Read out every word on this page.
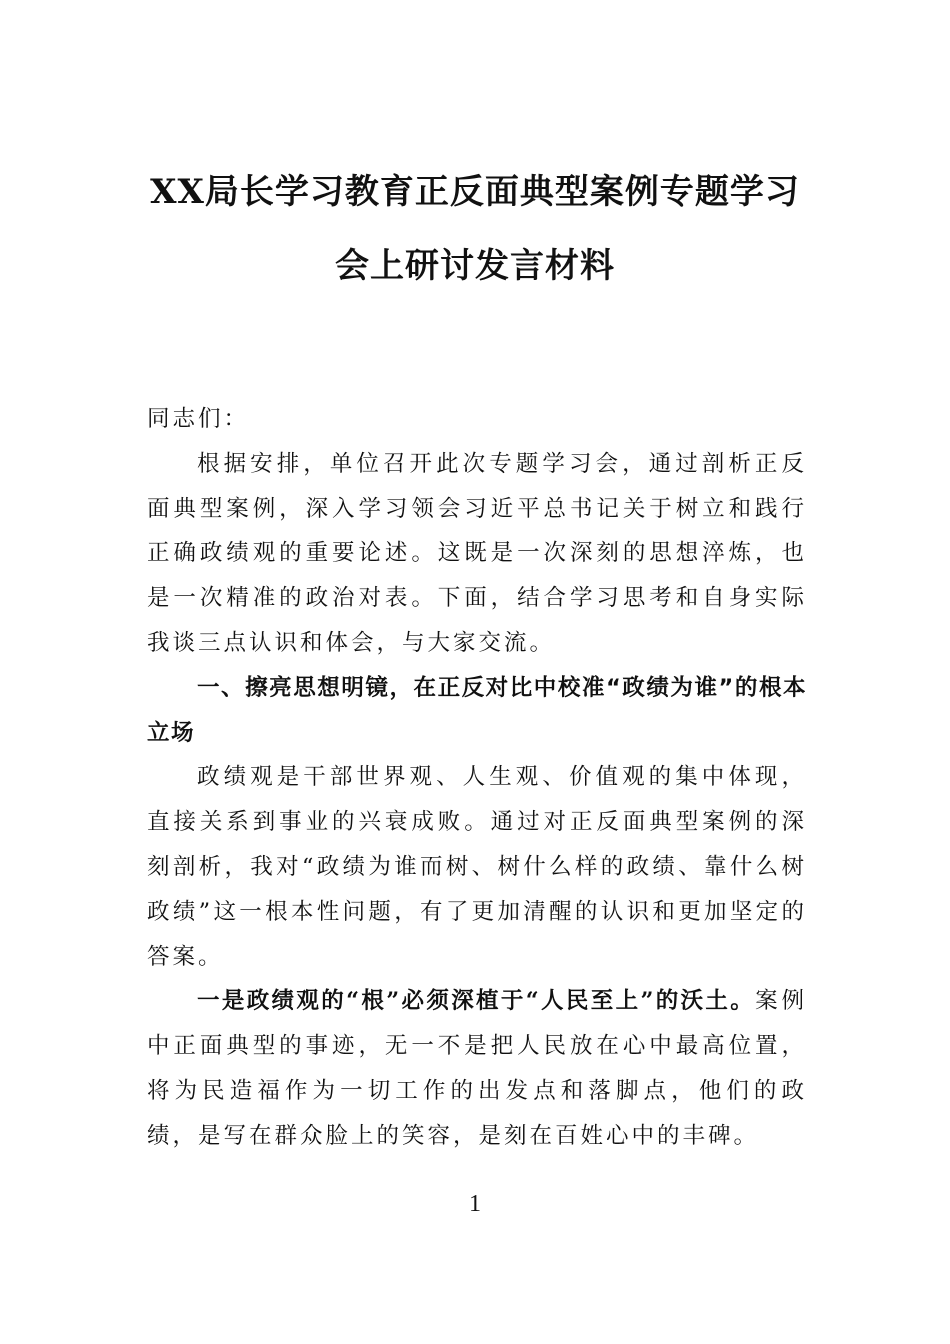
XX局长学习教育正反面典型案例专题学习
会上研讨发言材料

同志们：

根据安排，单位召开此次专题学习会，通过剖析正反面典型案例，深入学习领会习近平总书记关于树立和践行正确政绩观的重要论述。这既是一次深刻的思想淬炼，也是一次精准的政治对表。下面，结合学习思考和自身实际我谈三点认识和体会，与大家交流。

一、擦亮思想明镜，在正反对比中校准“政绩为谁”的根本立场

政绩观是干部世界观、人生观、价值观的集中体现，直接关系到事业的兴衰成败。通过对正反面典型案例的深刻剖析，我对“政绩为谁而树、树什么样的政绩、靠什么树政绩”这一根本性问题，有了更加清醒的认识和更加坚定的答案。

一是政绩观的“根”必须深植于“人民至上”的沃土。案例中正面典型的事迹，无一不是把人民放在心中最高位置，将为民造福作为一切工作的出发点和落脚点，他们的政绩，是写在群众脸上的笑容，是刻在百姓心中的丰碑。

1
